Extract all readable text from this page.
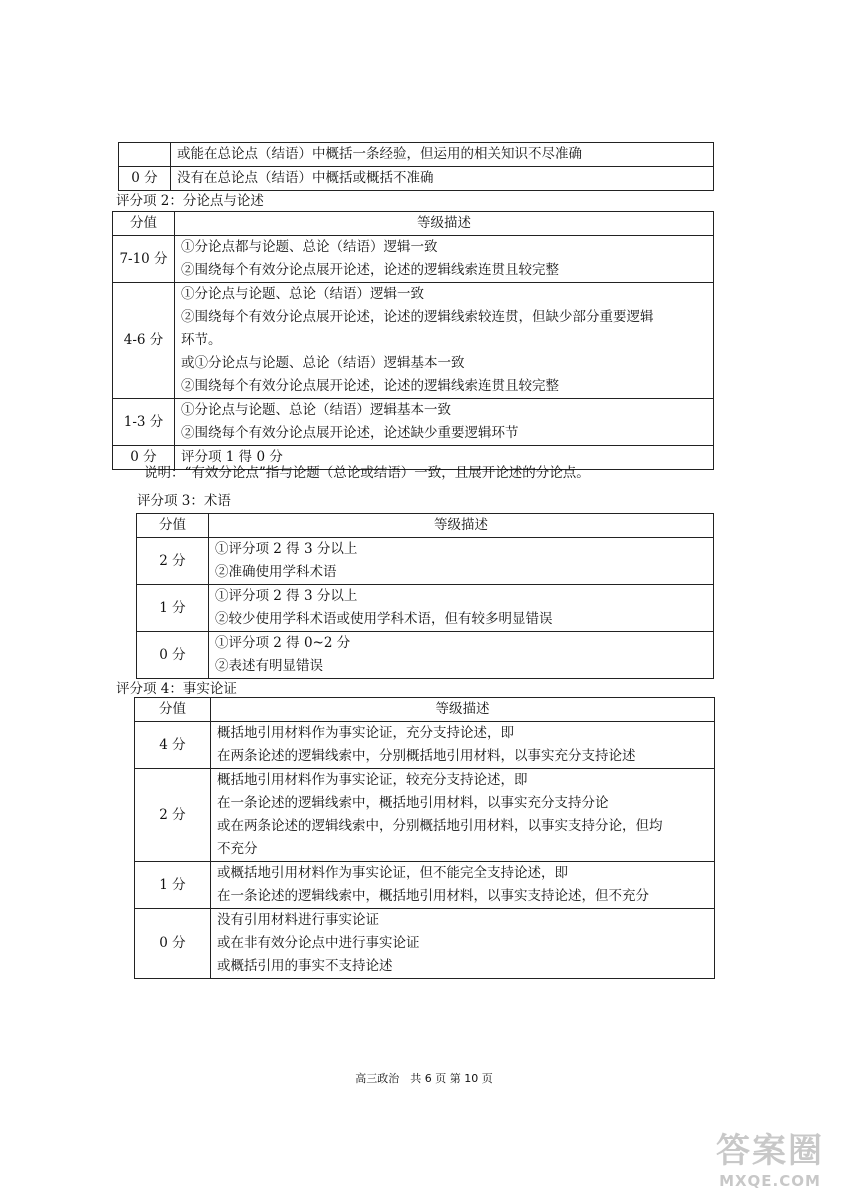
	或能在总论点（结语）中概括一条经验，但运用的相关知识不尽准确

0 分	没有在总论点（结语）中概括或概括不准确
评分项 2：分论点与论述
分值	等级描述
7-10 分	①分论点都与论题、总论（结语）逻辑一致
②围绕每个有效分论点展开论述，论述的逻辑线索连贯且较完整

4-6 分	①分论点与论题、总论（结语）逻辑一致
②围绕每个有效分论点展开论述，论述的逻辑线索较连贯，但缺少部分重要逻辑
环节。
或①分论点与论题、总论（结语）逻辑基本一致
②围绕每个有效分论点展开论述，论述的逻辑线索连贯且较完整

1-3 分	①分论点与论题、总论（结语）逻辑基本一致
②围绕每个有效分论点展开论述，论述缺少重要逻辑环节

0 分	评分项 1 得 0 分
说明：“有效分论点”指与论题（总论或结语）一致，且展开论述的分论点。
评分项 3：术语
分值	等级描述
2 分	①评分项 2 得 3 分以上
②准确使用学科术语

1 分	①评分项 2 得 3 分以上
②较少使用学科术语或使用学科术语，但有较多明显错误

0 分	①评分项 2 得 0~2 分
②表述有明显错误
评分项 4：事实论证
分值	等级描述
4 分	概括地引用材料作为事实论证，充分支持论述，即
在两条论述的逻辑线索中，分别概括地引用材料，以事实充分支持论述

2 分	概括地引用材料作为事实论证，较充分支持论述，即
在一条论述的逻辑线索中，概括地引用材料，以事实充分支持分论
或在两条论述的逻辑线索中，分别概括地引用材料，以事实支持分论，但均
不充分

1 分	或概括地引用材料作为事实论证，但不能完全支持论述，即
在一条论述的逻辑线索中，概括地引用材料，以事实支持论述，但不充分

0 分	没有引用材料进行事实论证
或在非有效分论点中进行事实论证
或概括引用的事实不支持论述
高三政治　共 6 页 第 10 页
答案圈
MXQE.COM
